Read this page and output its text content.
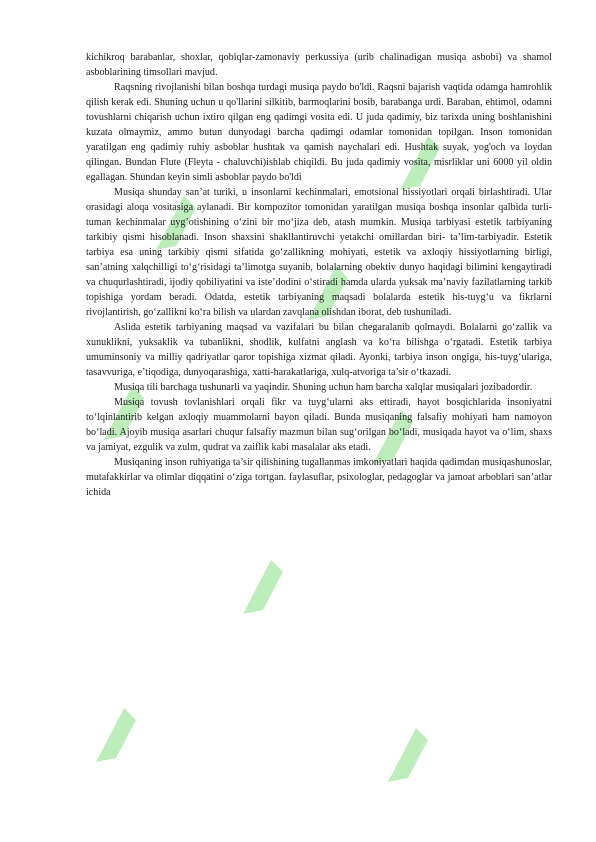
kichikroq barabanlar, shoxlar, qobiqlar-zamonaviy perkussiya (urib chalinadigan musiqa asbobi) va shamol asboblarining timsollari mavjud.

Raqsning rivojlanishi bilan boshqa turdagi musiqa paydo bo'ldi. Raqsni bajarish vaqtida odamga hamrohlik qilish kerak edi. Shuning uchun u qo'llarini silkitib, barmoqlarini bosib, barabanga urdi. Baraban, ehtimol, odamni tovushlarni chiqarish uchun ixtiro qilgan eng qadimgi vosita edi. U juda qadimiy, biz tarixda uning boshlanishini kuzata olmaymiz, ammo butun dunyodagi barcha qadimgi odamlar tomonidan topilgan. Inson tomonidan yaratilgan eng qadimiy ruhiy asboblar hushtak va qamish naychalari edi. Hushtak suyak, yog'och va loydan qilingan. Bundan Flute (Fleyta - chaluvchi)ishlab chiqildi. Bu juda qadimiy vosita, misrliklar uni 6000 yil oldin egallagan. Shundan keyin simli asboblar paydo bo'ldi

Musiqa shunday san’at turiki, u insonlarni kechinmalari, emotsional hissiyotlari orqali birlashtiradi. Ular orasidagi aloqa vositasiga aylanadi. Bir kompozitor tomonidan yaratilgan musiqa boshqa insonlar qalbida turli-tuman kechinmalar uyg’otishining o‘zini bir mo‘jiza deb, atash mumkin. Musiqa tarbiyasi estetik tarbiyaning tarkibiy qismi hisoblanadi. Inson shaxsini shakllantiruvchi yetakchi omillardan biri- ta’lim-tarbiyadir. Estetik tarbiya esa uning tarkibiy qismi sifatida go‘zallikning mohiyati, estetik va axloqiy hissiyotlarning birligi, san’atning xalqchilligi to‘g‘risidagi ta’limotga suyanib, bolalarning obektiv dunyo haqidagi bilimini kengaytiradi va chuqurlashtiradi, ijodiy qobiliyatini va iste’dodini o‘stiradi hamda ularda yuksak ma’naviy fazilatlarning tarkib topishiga yordam beradi. Odatda, estetik tarbiyaning maqsadi bolalarda estetik his-tuyg‘u va fikrlarni rivojlantirish, go‘zallikni ko‘ra bilish va ulardan zavqlana olishdan iborat, deb tushuniladi.

Aslida estetik tarbiyaning maqsad va vazifalari bu bilan chegaralanib qolmaydi. Bolalarni go‘zallik va xunuklikni, yuksaklik va tubanlikni, shodlik, kulfatni anglash va ko‘ra bilishga o‘rgatadi. Estetik tarbiya umuminsoniy va milliy qadriyatlar qaror topishiga xizmat qiladi. Ayonki, tarbiya inson ongiga, his-tuyg‘ulariga, tasavvuriga, e’tiqodiga, dunyoqarashiga, xatti-harakatlariga, xulq-atvoriga ta’sir o‘tkazadi.

Musiqa tili barchaga tushunarli va yaqindir. Shuning uchun ham barcha xalqlar musiqalari jozibadordir.

Musiqa tovush tovlanishlari orqali fikr va tuyg‘ularni aks ettiradi, hayot bosqichlarida insoniyatni to‘lqinlantirib kelgan axloqiy muammolarni bayon qiladi. Bunda musiqaning falsafiy mohiyati ham namoyon bo‘ladi. Ajoyib musiqa asarlari chuqur falsafiy mazmun bilan sug‘orilgan bo‘ladi, musiqada hayot va o‘lim, shaxs va jamiyat, ezgulik va zulm, qudrat va zaiflik kabi masalalar aks etadi.

Musiqaning inson ruhiyatiga ta’sir qilishining tugallanmas imkoniyatlari haqida qadimdan musiqashunoslar, mutafakkirlar va olimlar diqqatini o‘ziga tortgan. faylasuflar, psixologlar, pedagoglar va jamoat arboblari san’atlar ichida
